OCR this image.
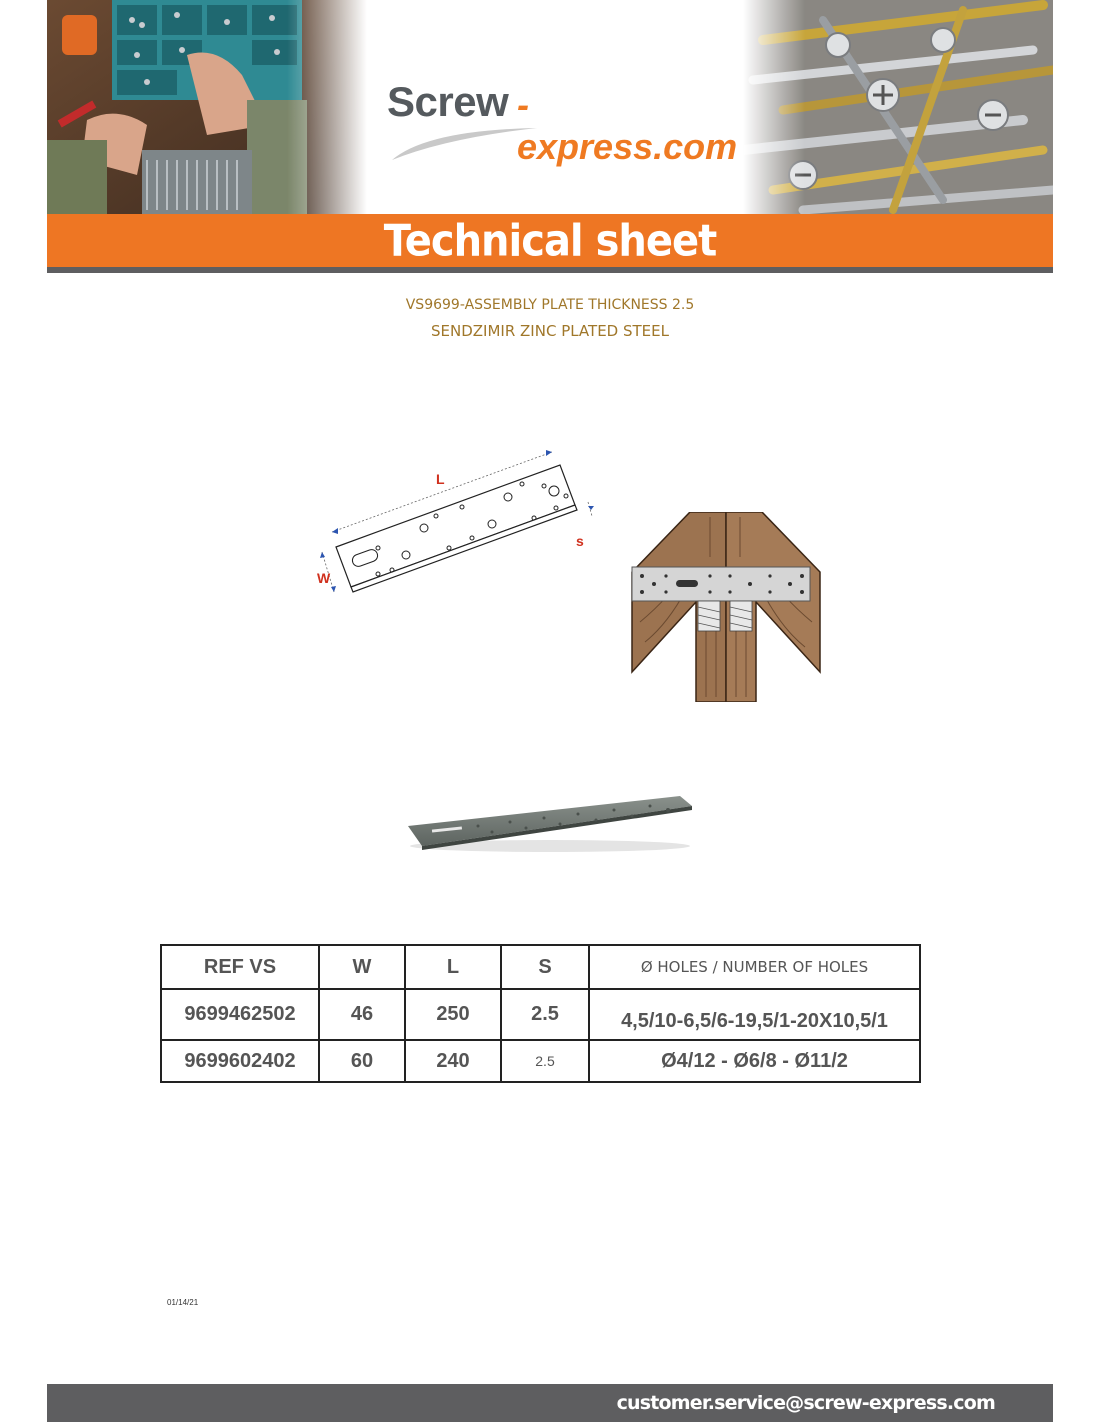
Screw -express.com
Technical sheet
VS9699-ASSEMBLY PLATE THICKNESS 2.5
SENDZIMIR ZINC PLATED STEEL
L
W
s
REF VS	W	L	S	Ø HOLES / NUMBER OF HOLES
9699462502	46	250	2.5	4,5/10-6,5/6-19,5/1-20X10,5/1
9699602402	60	240	2.5	Ø4/12 - Ø6/8 - Ø11/2
01/14/21
customer.service@screw-express.com
